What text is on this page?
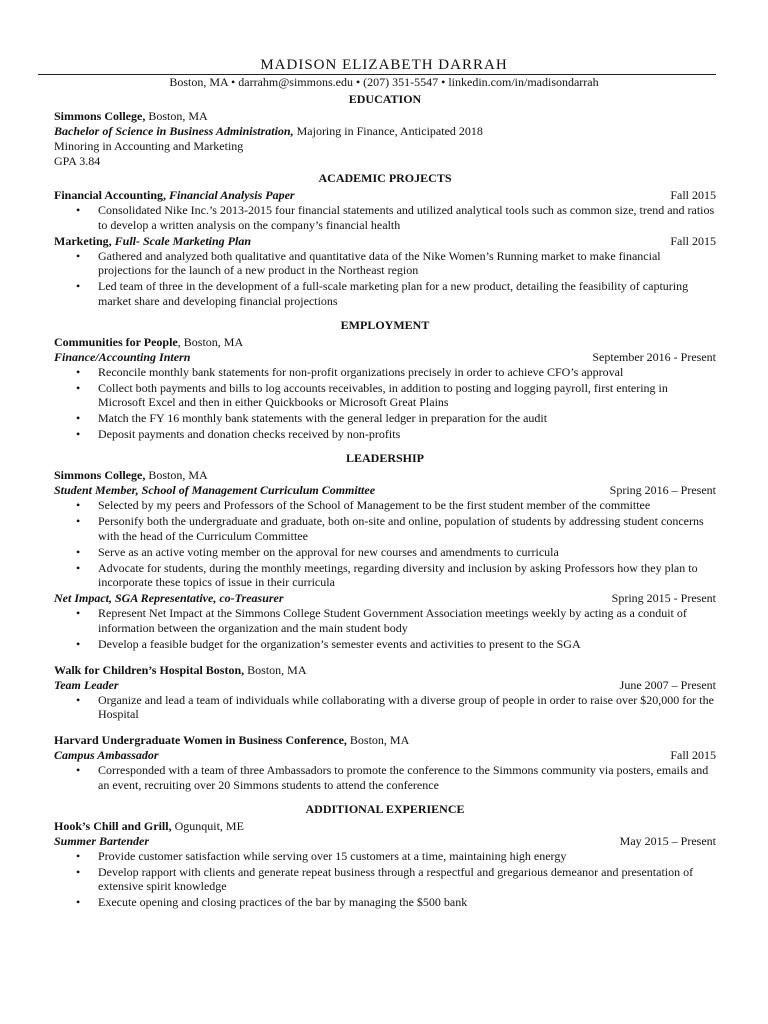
MADISON ELIZABETH DARRAH
Boston, MA • darrahm@simmons.edu • (207) 351-5547 • linkedin.com/in/madisondarrah
EDUCATION
Simmons College, Boston, MA
Bachelor of Science in Business Administration, Majoring in Finance, Anticipated 2018
Minoring in Accounting and Marketing
GPA 3.84
ACADEMIC PROJECTS
Financial Accounting, Financial Analysis Paper	Fall 2015
• Consolidated Nike Inc.’s 2013-2015 four financial statements and utilized analytical tools such as common size, trend and ratios to develop a written analysis on the company’s financial health
Marketing, Full- Scale Marketing Plan	Fall 2015
• Gathered and analyzed both qualitative and quantitative data of the Nike Women’s Running market to make financial projections for the launch of a new product in the Northeast region
• Led team of three in the development of a full-scale marketing plan for a new product, detailing the feasibility of capturing market share and developing financial projections
EMPLOYMENT
Communities for People, Boston, MA
Finance/Accounting Intern	September 2016 - Present
• Reconcile monthly bank statements for non-profit organizations precisely in order to achieve CFO’s approval
• Collect both payments and bills to log accounts receivables, in addition to posting and logging payroll, first entering in Microsoft Excel and then in either Quickbooks or Microsoft Great Plains
• Match the FY 16 monthly bank statements with the general ledger in preparation for the audit
• Deposit payments and donation checks received by non-profits
LEADERSHIP
Simmons College, Boston, MA
Student Member, School of Management Curriculum Committee	Spring 2016 – Present
• Selected by my peers and Professors of the School of Management to be the first student member of the committee
• Personify both the undergraduate and graduate, both on-site and online, population of students by addressing student concerns with the head of the Curriculum Committee
• Serve as an active voting member on the approval for new courses and amendments to curricula
• Advocate for students, during the monthly meetings, regarding diversity and inclusion by asking Professors how they plan to incorporate these topics of issue in their curricula
Net Impact, SGA Representative, co-Treasurer	Spring 2015 - Present
• Represent Net Impact at the Simmons College Student Government Association meetings weekly by acting as a conduit of information between the organization and the main student body
• Develop a feasible budget for the organization’s semester events and activities to present to the SGA
Walk for Children’s Hospital Boston, Boston, MA
Team Leader	June 2007 – Present
• Organize and lead a team of individuals while collaborating with a diverse group of people in order to raise over $20,000 for the Hospital
Harvard Undergraduate Women in Business Conference, Boston, MA
Campus Ambassador	Fall 2015
• Corresponded with a team of three Ambassadors to promote the conference to the Simmons community via posters, emails and an event, recruiting over 20 Simmons students to attend the conference
ADDITIONAL EXPERIENCE
Hook’s Chill and Grill, Ogunquit, ME
Summer Bartender	May 2015 – Present
• Provide customer satisfaction while serving over 15 customers at a time, maintaining high energy
• Develop rapport with clients and generate repeat business through a respectful and gregarious demeanor and presentation of extensive spirit knowledge
• Execute opening and closing practices of the bar by managing the $500 bank
